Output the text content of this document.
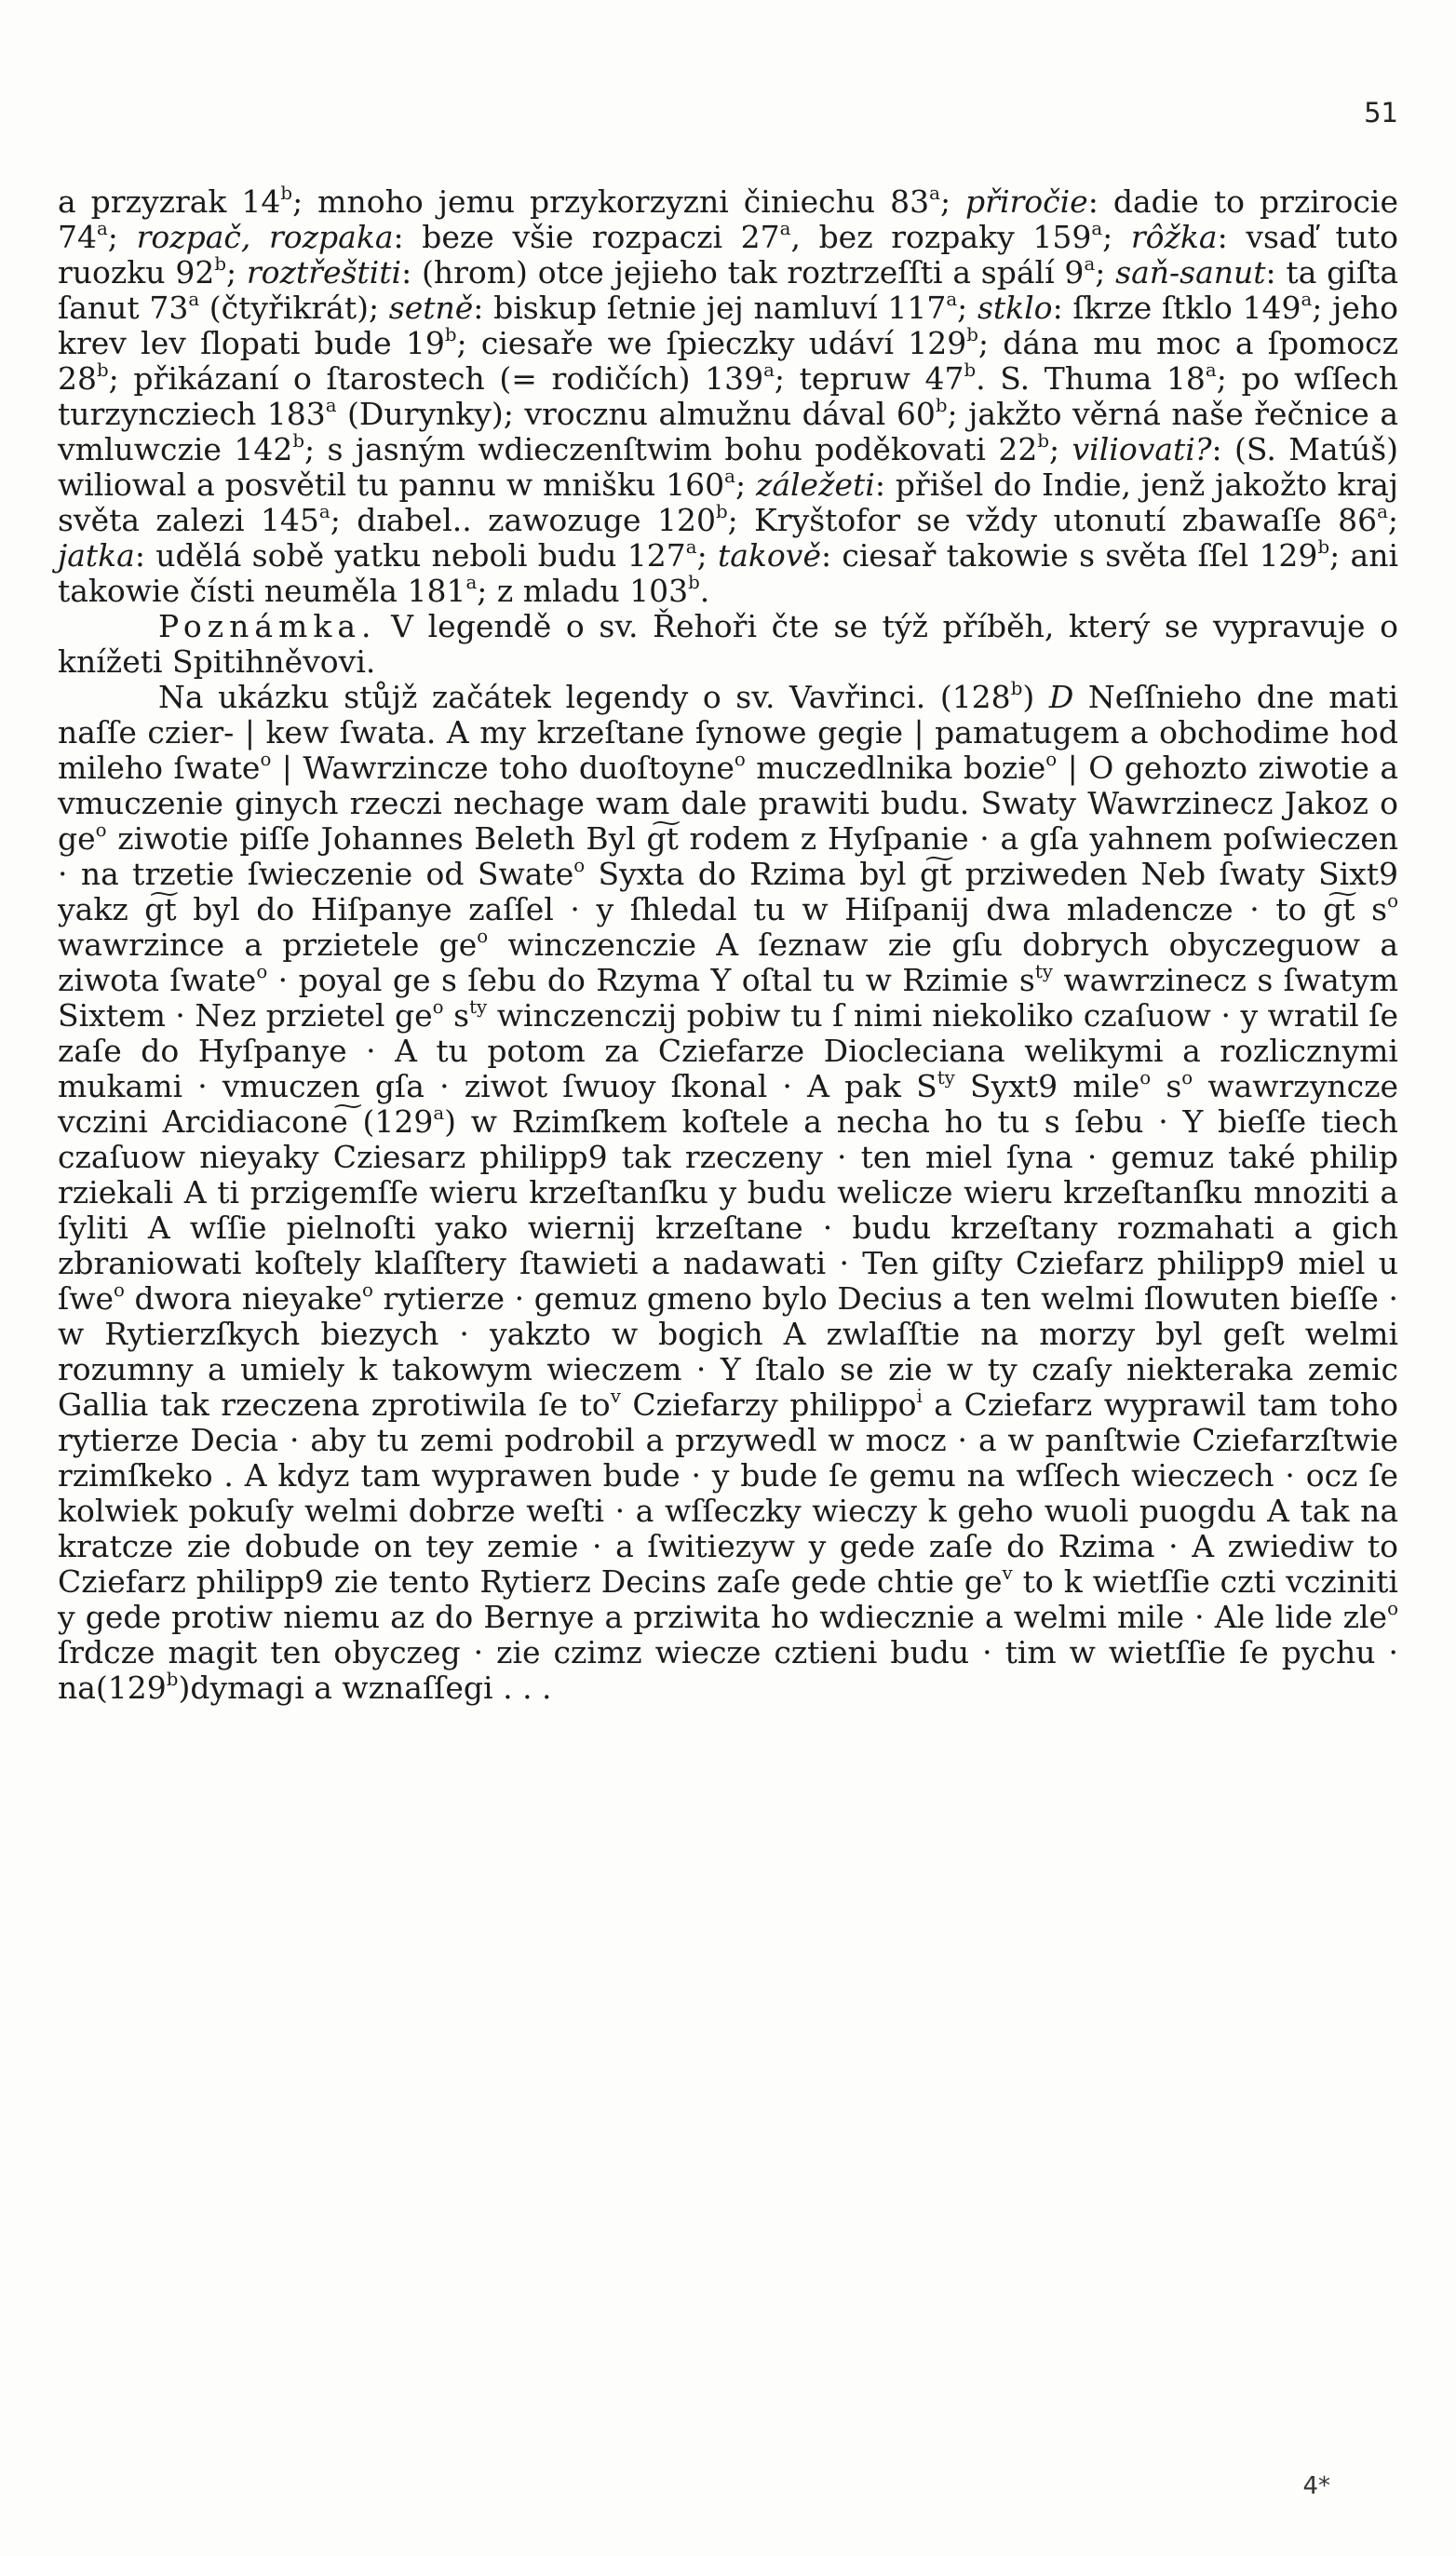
51

a przyzrak 14$^b$; mnoho jemu przykorzyzni činiechu 83$^a$; přiročie: dadie to przirocie 74$^a$; rozpač, rozpaka: beze všie rozpaczi 27$^a$, bez rozpaky 159$^a$; rôžka: vsaď tuto ruozku 92$^b$; roztřeštiti: (hrom) otce jejieho tak roztrzeſſti a spálí 9$^a$; saň-sanut: ta giſta ſanut 73$^a$ (čtyřikrát); setně: biskup ſetnie jej namluví 117$^a$; stklo: ſkrze ſtklo 149$^a$; jeho krev lev ſlopati bude 19$^b$; ciesaře we ſpieczky udáví 129$^b$; dána mu moc a ſpomocz 28$^b$; přikázaní o ſtarostech (= rodičích) 139$^a$; tepruw 47$^b$. S. Thuma 18$^a$; po wſſech turzyncziech 183$^a$ (Durynky); vrocznu almužnu dával 60$^b$; jakžto věrná naše řečnice a vmluwczie 142$^b$; s jasným wdieczenſtwim bohu poděkovati 22$^b$; viliovati?: (S. Matúš) wiliowal a posvětil tu pannu w mnišku 160$^a$; záležeti: přišel do Indie, jenž jakožto kraj světa zalezi 145$^a$; dɪabel.. zawozuge 120$^b$; Kryštofor se vždy utonutí zbawaſſe 86$^a$; jatka: udělá sobě yatku neboli budu 127$^a$; takově: ciesař takowie s světa ſſel 129$^b$; ani takowie čísti neuměla 181$^a$; z mladu 103$^b$.

Poznámka. V legendě o sv. Řehoři čte se týž příběh, který se vypravuje o knížeti Spitihněvovi.

Na ukázku stůjž začátek legendy o sv. Vavřinci. (128$^b$) D Neſſnieho dne mati naſſe czier- | kew ſwata. A my krzeſtane ſynowe gegie | pamatugem a obchodime hod mileho ſwate$^o$ | Wawrzincze toho duoſtoyne$^o$ muczedlnika bozie$^o$ | O gehozto ziwotie a vmuczenie ginych rzeczi nechage wam dale prawiti budu. Swaty Wawrzinecz Jakoz o $ge^o$ ziwotie piſſe Johannes Beleth Byl g͠t rodem z Hyſpanie · a gſa yahnem poſwieczen · na trzetie ſwieczenie od Swate$^o$ Syxta do Rzima byl g͠t prziweden Neb ſwaty Sixt9 yakz g͠t byl do Hiſpanye zaſſel · y ſhledal tu w Hiſpanij dwa mladencze · to g͠t $s^o$ wawrzince a przietele $ge^o$ winczenczie A ſeznaw zie gſu dobrych obyczeguow a ziwota ſwate$^o$ · poyal ge s ſebu do Rzyma Y oſtal tu w Rzimie $s^{ty}$ wawrzinecz s ſwatym Sixtem · Nez przietel $ge^o$ $s^{ty}$ winczenczij pobiw tu ſ nimi niekoliko czaſuow · y wratil ſe zaſe do Hyſpanye · A tu potom za Cziefarze Diocleciana welikymi a rozlicznymi mukami · vmuczen gſa · ziwot ſwuoy ſkonal · A pak $S^{ty}$ Syxt9 mile$^o$ $s^o$ wawrzyncze vczini Arcidiacone͠ (129$^a$) w Rzimſkem koſtele a necha ho tu s ſebu · Y bieſſe tiech czaſuow nieyaky Cziesarz philipp9 tak rzeczeny · ten miel ſyna · gemuz také philip rziekali A ti przigemſſe wieru krzeſtanſku y budu welicze wieru krzeſtanſku mnoziti a ſyliti A wſſie pielnoſti yako wiernij krzeſtane · budu krzeſtany rozmahati a gich zbraniowati koſtely klaſſtery ſtawieti a nadawati · Ten giſty Cziefarz philipp9 miel u ſwe$^o$ dwora nieyake$^o$ rytierze · gemuz gmeno bylo Decius a ten welmi ſlowuten bieſſe · w Rytierzſkych biezych · yakzto w bogich A zwlaſſtie na morzy byl geſt welmi rozumny a umiely k takowym wieczem · Y ſtalo se zie w ty czaſy niekteraka zemic Gallia tak rzeczena zprotiwila ſe $to^v$ Cziefarzy philippo$^i$ a Cziefarz wyprawil tam toho rytierze Decia · aby tu zemi podrobil a przywedl w mocz · a w panſtwie Cziefarzſtwie rzimſkeko . A kdyz tam wyprawen bude · y bude ſe gemu na wſſech wieczech · ocz ſe kolwiek pokuſy welmi dobrze weſti · a wſſeczky wieczy k geho wuoli puogdu A tak na kratcze zie dobude on tey zemie · a ſwitiezyw y gede zaſe do Rzima · A zwiediw to Cziefarz philipp9 zie tento Rytierz Decins zaſe gede chtie $ge^v$ to k wietſſie czti vcziniti y gede protiw niemu az do Bernye a prziwita ho wdiecznie a welmi mile · Ale lide zle$^o$ ſrdcze magit ten obyczeg · zie czimz wiecze cztieni budu · tim w wietſſie ſe pychu · $na(129^b)dymagi$ a wznaſſegi . . .

4*
